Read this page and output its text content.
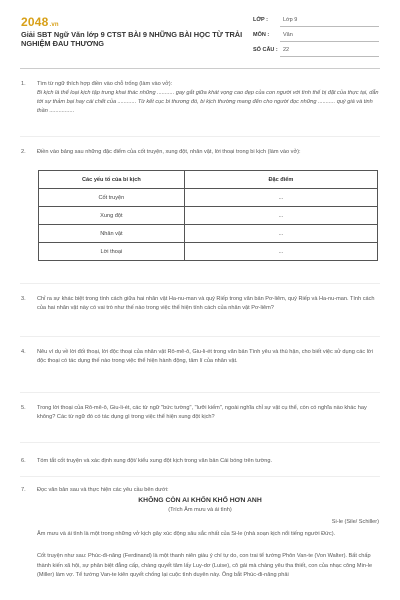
2048.vn
Giải SBT Ngữ Văn lớp 9 CTST BÀI 9 NHỮNG BÀI HỌC TỪ TRẢI NGHIỆM ĐAU THƯƠNG
LỚP :	Lớp 9
MÔN :	Văn
SỐ CÂU : 22
1. Tìm từ ngữ thích hợp điền vào chỗ trống (làm vào vở):
Bi kịch là thể loại kịch tập trung khai thác những ........... gay gắt giữa khát vọng cao đẹp của con người với tình thế bị đặt của thực tại, dẫn tới sự thảm bại hay cái chết của ............ Từ kết cục bi thương đó, bi kịch thường mang đến cho người đọc những ........... quý giá và tinh thần ................
2. Điền vào bảng sau những đặc điểm của cốt truyện, xung đột, nhân vật, lời thoại trong bi kịch (làm vào vở):
Các yếu tố của bi kịch	Đặc điểm
Cốt truyện	...
Xung đột	...
Nhân vật	...
Lời thoại	...
3. Chỉ ra sự khác biệt trong tính cách giữa hai nhân vật Ha-nu-man và quý Riếp trong văn bản Pơ-liêm, quý Riếp và Ha-nu-man. Tính cách của hai nhân vật này có vai trò như thế nào trong việc thể hiện tính cách của nhân vật Pơ-liêm?
4. Nêu ví dụ về lời đối thoại, lời độc thoại của nhân vật Rô-mê-ô, Giu-li-ét trong văn bản Tình yêu và thù hận, cho biết việc sử dụng các lời độc thoại có tác dụng thế nào trong việc thể hiện hành động, tâm lí của nhân vật.
5. Trong lời thoại của Rô-mê-ô, Giu-li-ét, các từ ngữ "bức tường", "lưỡi kiếm", ngoài nghĩa chỉ sự vật cụ thể, còn có nghĩa nào khác hay không? Các từ ngữ đó có tác dụng gì trong việc thể hiện xung đột kịch?
6. Tóm tắt cốt truyện và xác định xung đột/ kiểu xung đột kịch trong văn bản Cái bóng trên tường.
7. Đọc văn bản sau và thực hiện các yêu cầu bên dưới:
KHÔNG CÒN AI KHỐN KHỔ HƠN ANH
(Trích Âm mưu và ái tình)
Si-le (Sile/ Schiller)
Âm mưu và ái tình là một trong những vở kịch gây xúc động sâu sắc nhất của Si-le (nhà soạn kịch nổi tiếng người Đức).
Cốt truyện như sau: Phúc-đi-năng (Ferdinand) là một thanh niên giàu ý chí tự do, con trai tể tướng Phôn Van-te (Von Walter). Bất chấp thành kiến xã hội, sự phân biệt đẳng cấp, chàng quyết tâm lấy Luy-dơ (Luise), cô gái mà chàng yêu tha thiết, con của nhạc công Min-le (Miller) làm vợ. Tể tướng Van-te kiên quyết chống lại cuộc tình duyên này. Ông bắt Phúc-đi-năng phải
